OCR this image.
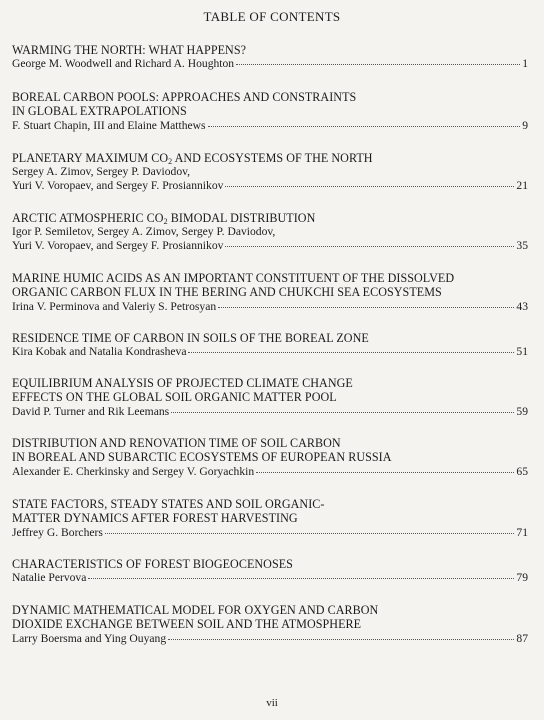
TABLE OF CONTENTS
WARMING THE NORTH: WHAT HAPPENS?
George M. Woodwell and Richard A. Houghton	1
BOREAL CARBON POOLS: APPROACHES AND CONSTRAINTS
IN GLOBAL EXTRAPOLATIONS
F. Stuart Chapin, III and Elaine Matthews	9
PLANETARY MAXIMUM $CO_2$ AND ECOSYSTEMS OF THE NORTH
Sergey A. Zimov, Sergey P. Daviodov,
Yuri V. Voropaev, and Sergey F. Prosiannikov	21
ARCTIC ATMOSPHERIC $CO_2$ BIMODAL DISTRIBUTION
Igor P. Semiletov, Sergey A. Zimov, Sergey P. Daviodov,
Yuri V. Voropaev, and Sergey F. Prosiannikov	35
MARINE HUMIC ACIDS AS AN IMPORTANT CONSTITUENT OF THE DISSOLVED
ORGANIC CARBON FLUX IN THE BERING AND CHUKCHI SEA ECOSYSTEMS
Irina V. Perminova and Valeriy S. Petrosyan	43
RESIDENCE TIME OF CARBON IN SOILS OF THE BOREAL ZONE
Kira Kobak and Natalia Kondrasheva	51
EQUILIBRIUM ANALYSIS OF PROJECTED CLIMATE CHANGE
EFFECTS ON THE GLOBAL SOIL ORGANIC MATTER POOL
David P. Turner and Rik Leemans	59
DISTRIBUTION AND RENOVATION TIME OF SOIL CARBON
IN BOREAL AND SUBARCTIC ECOSYSTEMS OF EUROPEAN RUSSIA
Alexander E. Cherkinsky and Sergey V. Goryachkin	65
STATE FACTORS, STEADY STATES AND SOIL ORGANIC-
MATTER DYNAMICS AFTER FOREST HARVESTING
Jeffrey G. Borchers	71
CHARACTERISTICS OF FOREST BIOGEOCENOSES
Natalie Pervova	79
DYNAMIC MATHEMATICAL MODEL FOR OXYGEN AND CARBON
DIOXIDE EXCHANGE BETWEEN SOIL AND THE ATMOSPHERE
Larry Boersma and Ying Ouyang	87
vii
